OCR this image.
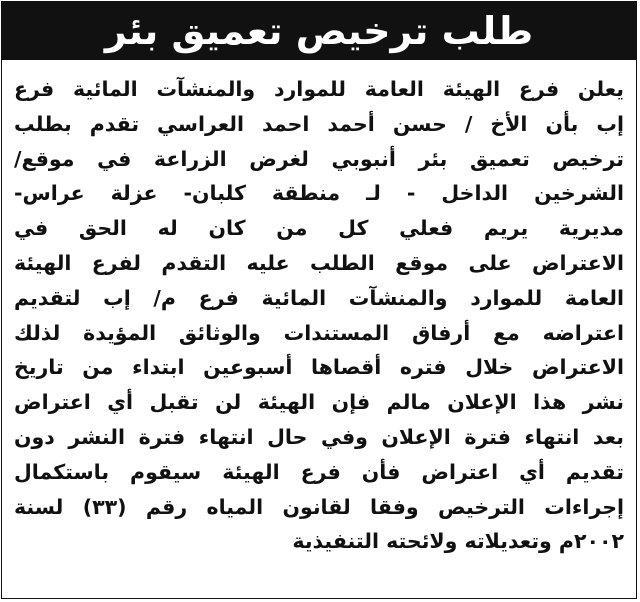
طلب ترخيص تعميق بئر
يعلن فرع الهيئة العامة للموارد والمنشآت المائية فرع
إب بأن الأخ / حسن أحمد احمد العراسي تقدم بطلب
ترخيص تعميق بئر أنبوبي لغرض الزراعة في موقع/
الشرخين الداخل - لـ منطقة كلبان- عزلة عراس-
مديرية يريم فعلي كل من كان له الحق في
الاعتراض على موقع الطلب عليه التقدم لفرع الهيئة
العامة للموارد والمنشآت المائية فرع م/ إب لتقديم
اعتراضه مع أرفاق المستندات والوثائق المؤيدة لذلك
الاعتراض خلال فتره أقصاها أسبوعين ابتداء من تاريخ
نشر هذا الإعلان مالم فإن الهيئة لن تقبل أي اعتراض
بعد انتهاء فترة الإعلان وفي حال انتهاء فترة النشر دون
تقديم أي اعتراض فأن فرع الهيئة سيقوم باستكمال
إجراءات الترخيص وفقا لقانون المياه رقم (٣٣) لسنة
٢٠٠٢م وتعديلاته ولائحته التنفيذية
